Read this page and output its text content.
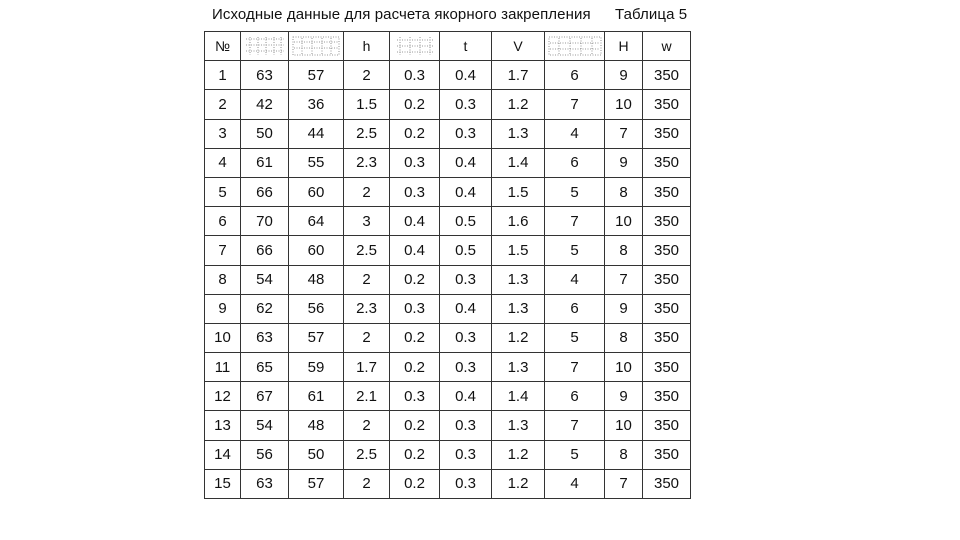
Исходные данные для расчета якорного закрепления Таблица 5
№			h		t	V		H	w
1	63	57	2	0.3	0.4	1.7	6	9	350
2	42	36	1.5	0.2	0.3	1.2	7	10	350
3	50	44	2.5	0.2	0.3	1.3	4	7	350
4	61	55	2.3	0.3	0.4	1.4	6	9	350
5	66	60	2	0.3	0.4	1.5	5	8	350
6	70	64	3	0.4	0.5	1.6	7	10	350
7	66	60	2.5	0.4	0.5	1.5	5	8	350
8	54	48	2	0.2	0.3	1.3	4	7	350
9	62	56	2.3	0.3	0.4	1.3	6	9	350
10	63	57	2	0.2	0.3	1.2	5	8	350
11	65	59	1.7	0.2	0.3	1.3	7	10	350
12	67	61	2.1	0.3	0.4	1.4	6	9	350
13	54	48	2	0.2	0.3	1.3	7	10	350
14	56	50	2.5	0.2	0.3	1.2	5	8	350
15	63	57	2	0.2	0.3	1.2	4	7	350
